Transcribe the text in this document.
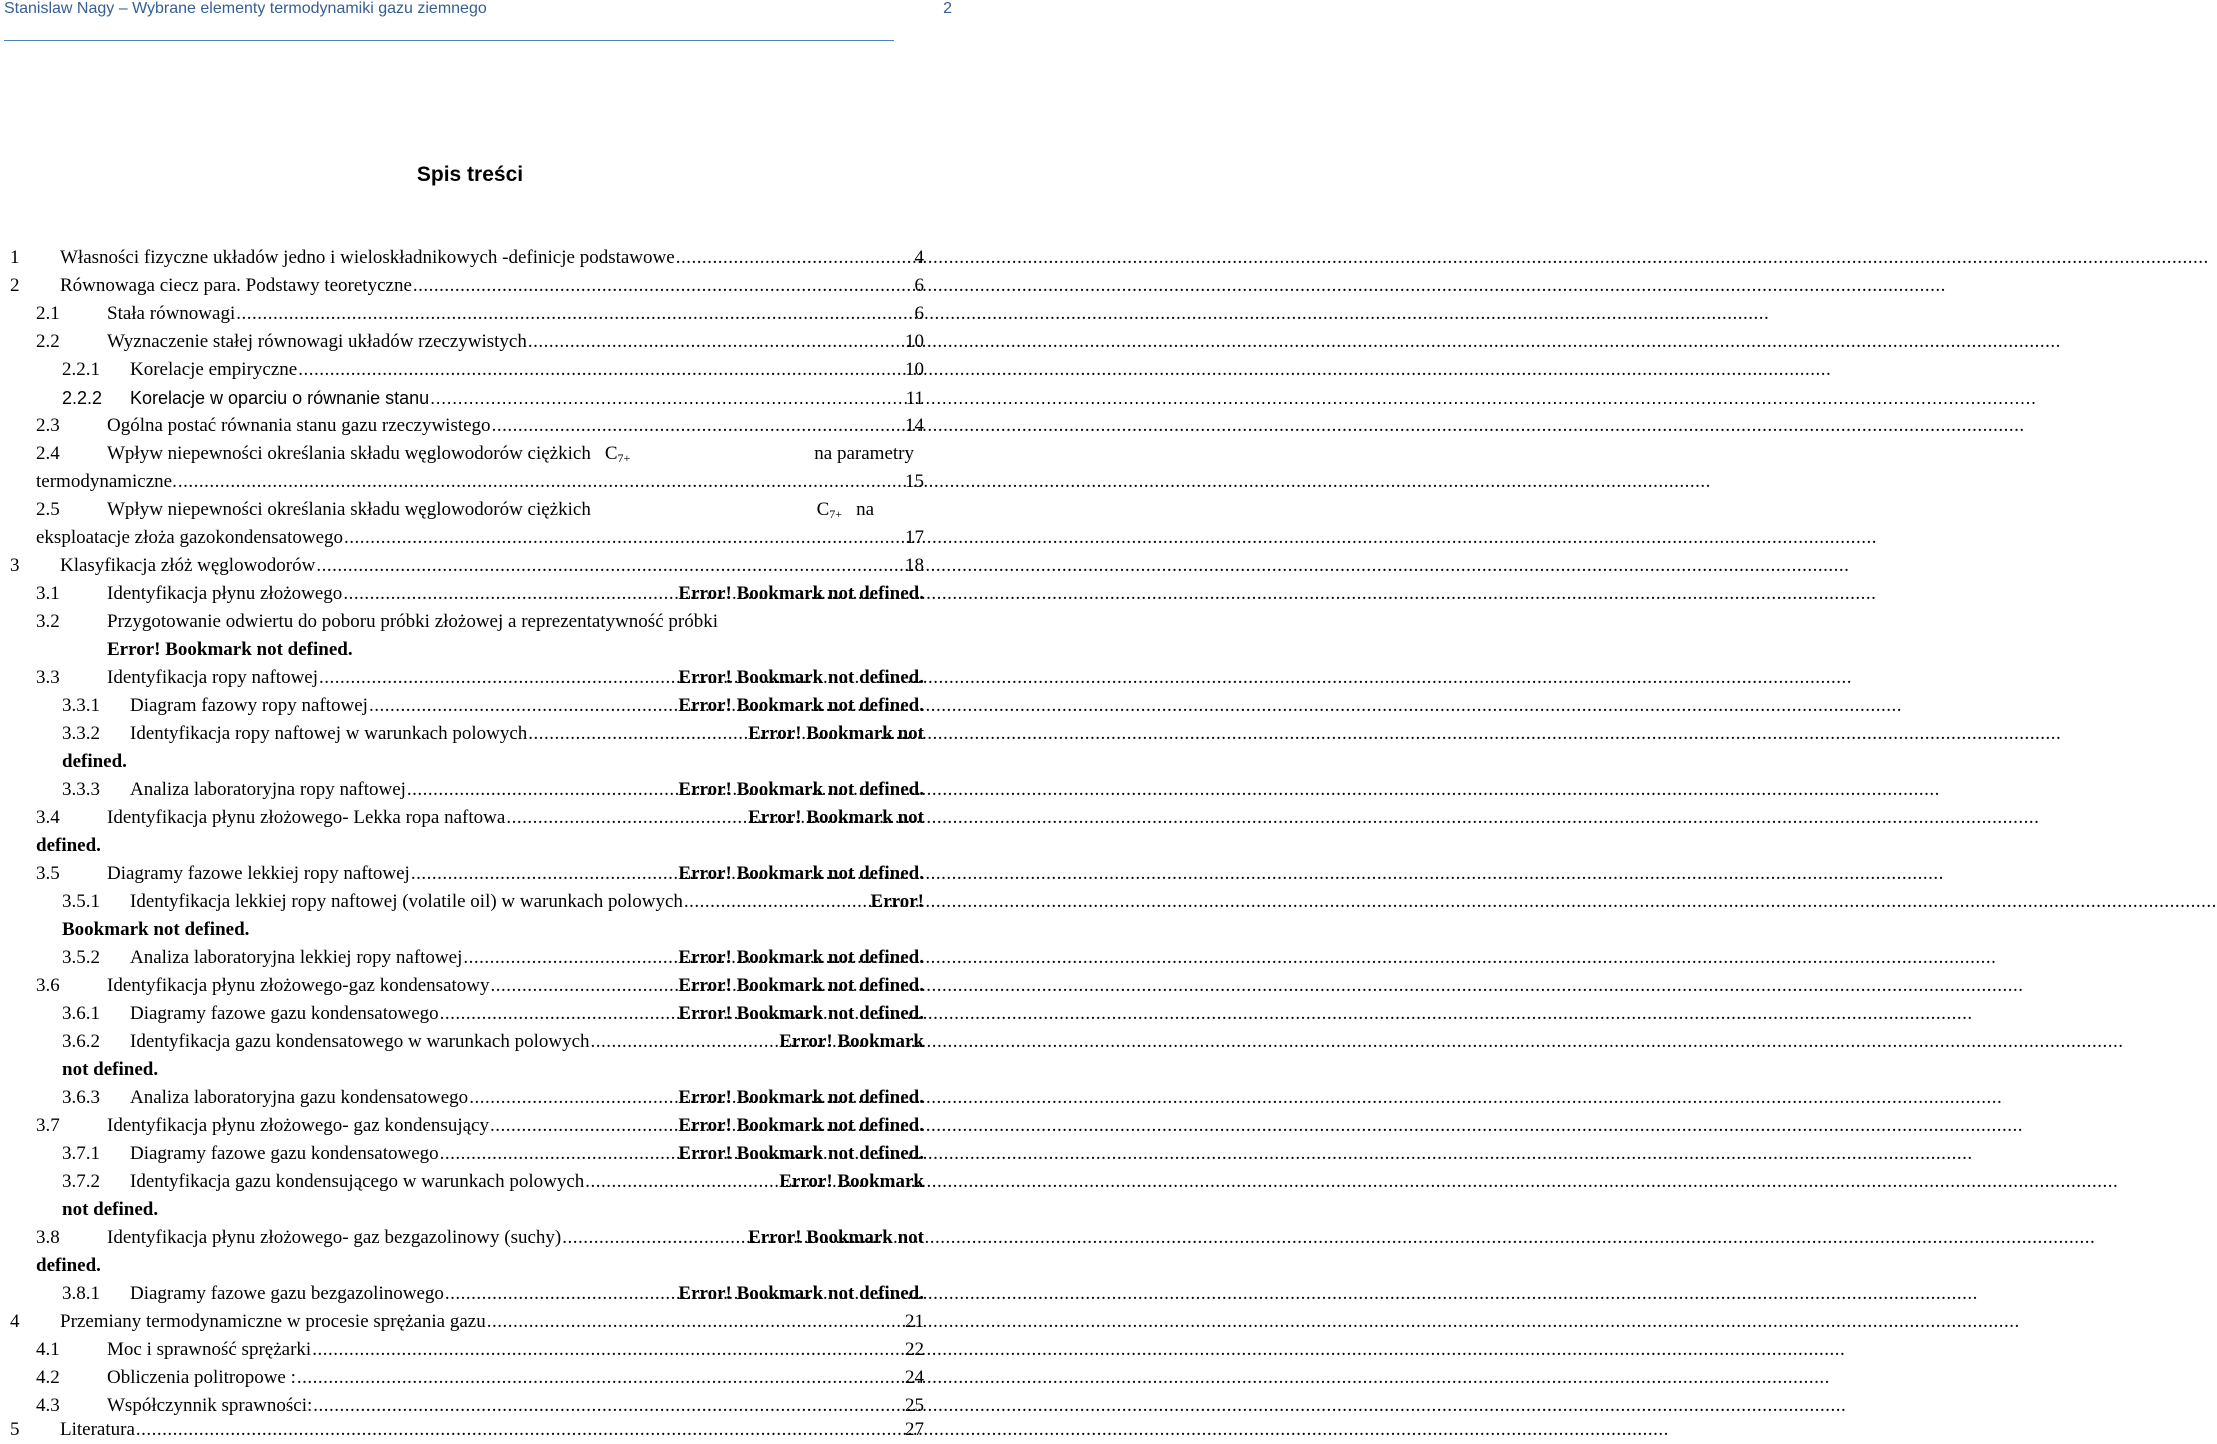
Stanislaw Nagy – Wybrane elementy termodynamiki gazu ziemnego	2
Spis treści
1	Własności fizyczne układów jedno i wieloskładnikowych -definicje podstawowe .....	4
2	Równowaga ciecz para. Podstawy teoretyczne .....	6
2.1	Stała równowagi .....	6
2.2	Wyznaczenie stałej równowagi układów rzeczywistych .....	10
2.2.1	Korelacje empiryczne .....	10
2.2.2	Korelacje w oparciu o równanie stanu .....	11
2.3	Ogólna postać równania stanu gazu rzeczywistego .....	14
2.4	Wpływ niepewności określania składu węglowodorów ciężkich $C_{7+}$	na parametry
termodynamiczne. .....	15
2.5	Wpływ niepewności określania składu węglowodorów ciężkich	$C_{7+}$ na
eksploatacje złoża gazokondensatowego .....	17
3	Klasyfikacja złóż węglowodorów .....	18
3.1	Identyfikacja płynu złożowego .....	Error! Bookmark not defined.
3.2	Przygotowanie odwiertu do poboru próbki złożowej a reprezentatywność próbki
Error! Bookmark not defined.
3.3	Identyfikacja ropy naftowej .....	Error! Bookmark not defined.
3.3.1	Diagram fazowy ropy naftowej .....	Error! Bookmark not defined.
3.3.2	Identyfikacja ropy naftowej w warunkach polowych .....	Error! Bookmark not
defined.
3.3.3	Analiza laboratoryjna ropy naftowej .....	Error! Bookmark not defined.
3.4	Identyfikacja płynu złożowego- Lekka ropa naftowa .....	Error! Bookmark not
defined.
3.5	Diagramy fazowe lekkiej ropy naftowej .....	Error! Bookmark not defined.
3.5.1	Identyfikacja lekkiej ropy naftowej (volatile oil) w warunkach polowych .....	Error!
Bookmark not defined.
3.5.2	Analiza laboratoryjna lekkiej ropy naftowej .....	Error! Bookmark not defined.
3.6	Identyfikacja płynu złożowego-gaz kondensatowy .....	Error! Bookmark not defined.
3.6.1	Diagramy fazowe gazu kondensatowego .....	Error! Bookmark not defined.
3.6.2	Identyfikacja gazu kondensatowego w warunkach polowych .....	Error! Bookmark
not defined.
3.6.3	Analiza laboratoryjna gazu kondensatowego .....	Error! Bookmark not defined.
3.7	Identyfikacja płynu złożowego- gaz kondensujący .....	Error! Bookmark not defined.
3.7.1	Diagramy fazowe gazu kondensatowego .....	Error! Bookmark not defined.
3.7.2	Identyfikacja gazu kondensującego w warunkach polowych .....	Error! Bookmark
not defined.
3.8	Identyfikacja płynu złożowego- gaz bezgazolinowy (suchy) .....	Error! Bookmark not
defined.
3.8.1	Diagramy fazowe gazu bezgazolinowego .....	Error! Bookmark not defined.
4	Przemiany termodynamiczne w procesie sprężania gazu .....	21
4.1	Moc i sprawność sprężarki .....	22
4.2	Obliczenia politropowe : .....	24
4.3	Współczynnik sprawności: .....	25
5	Literatura .....	27
